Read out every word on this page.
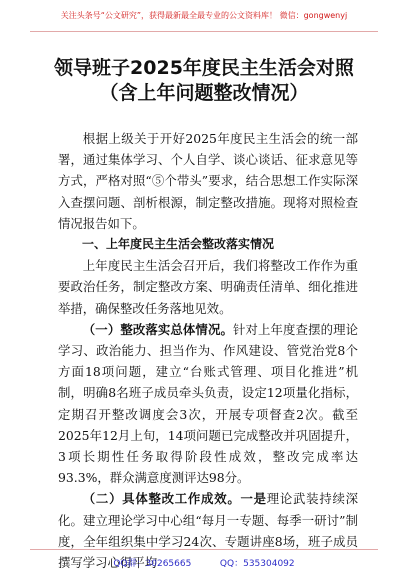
关注头条号“公文研究”，获得最新最全最专业的公文资料库！ 微信：gongwenyj
领导班子2025年度民主生活会对照（含上年问题整改情况）

根据上级关于开好2025年度民主生活会的统一部署，通过集体学习、个人自学、谈心谈话、征求意见等方式，严格对照“⑤个带头”要求，结合思想工作实际深入查摆问题、剖析根源，制定整改措施。现将对照检查情况报告如下。

一、上年度民主生活会整改落实情况

上年度民主生活会召开后，我们将整改工作作为重要政治任务，制定整改方案、明确责任清单、细化推进举措，确保整改任务落地见效。

（一）整改落实总体情况。针对上年度查摆的理论学习、政治能力、担当作为、作风建设、管党治党8个方面18项问题，建立“台账式管理、项目化推进”机制，明确8名班子成员牵头负责，设定12项量化指标，定期召开整改调度会3次，开展专项督查2次。截至2025年12月上旬，14项问题已完成整改并巩固提升，3项长期性任务取得阶段性成效，整改完成率达93.3%，群众满意度测评达98分。

（二）具体整改工作成效。一是理论武装持续深化。建立理论学习中心组“每月一专题、每季一研讨”制度，全年组织集中学习24次、专题讲座8场，班子成员撰写学习心得平均

QQ群：30265665          QQ：535304092
